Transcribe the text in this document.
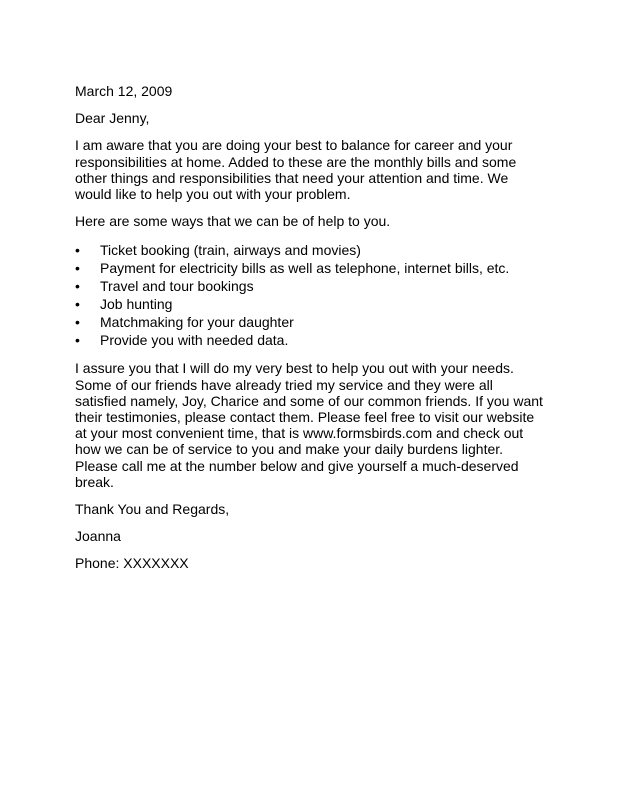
March 12, 2009

Dear Jenny,

I am aware that you are doing your best to balance for career and your
responsibilities at home. Added to these are the monthly bills and some
other things and responsibilities that need your attention and time. We
would like to help you out with your problem.

Here are some ways that we can be of help to you.

• Ticket booking (train, airways and movies)
• Payment for electricity bills as well as telephone, internet bills, etc.
• Travel and tour bookings
• Job hunting
• Matchmaking for your daughter
• Provide you with needed data.

I assure you that I will do my very best to help you out with your needs.
Some of our friends have already tried my service and they were all
satisfied namely, Joy, Charice and some of our common friends. If you want
their testimonies, please contact them. Please feel free to visit our website
at your most convenient time, that is www.formsbirds.com and check out
how we can be of service to you and make your daily burdens lighter.
Please call me at the number below and give yourself a much-deserved
break.

Thank You and Regards,

Joanna

Phone: XXXXXXX
